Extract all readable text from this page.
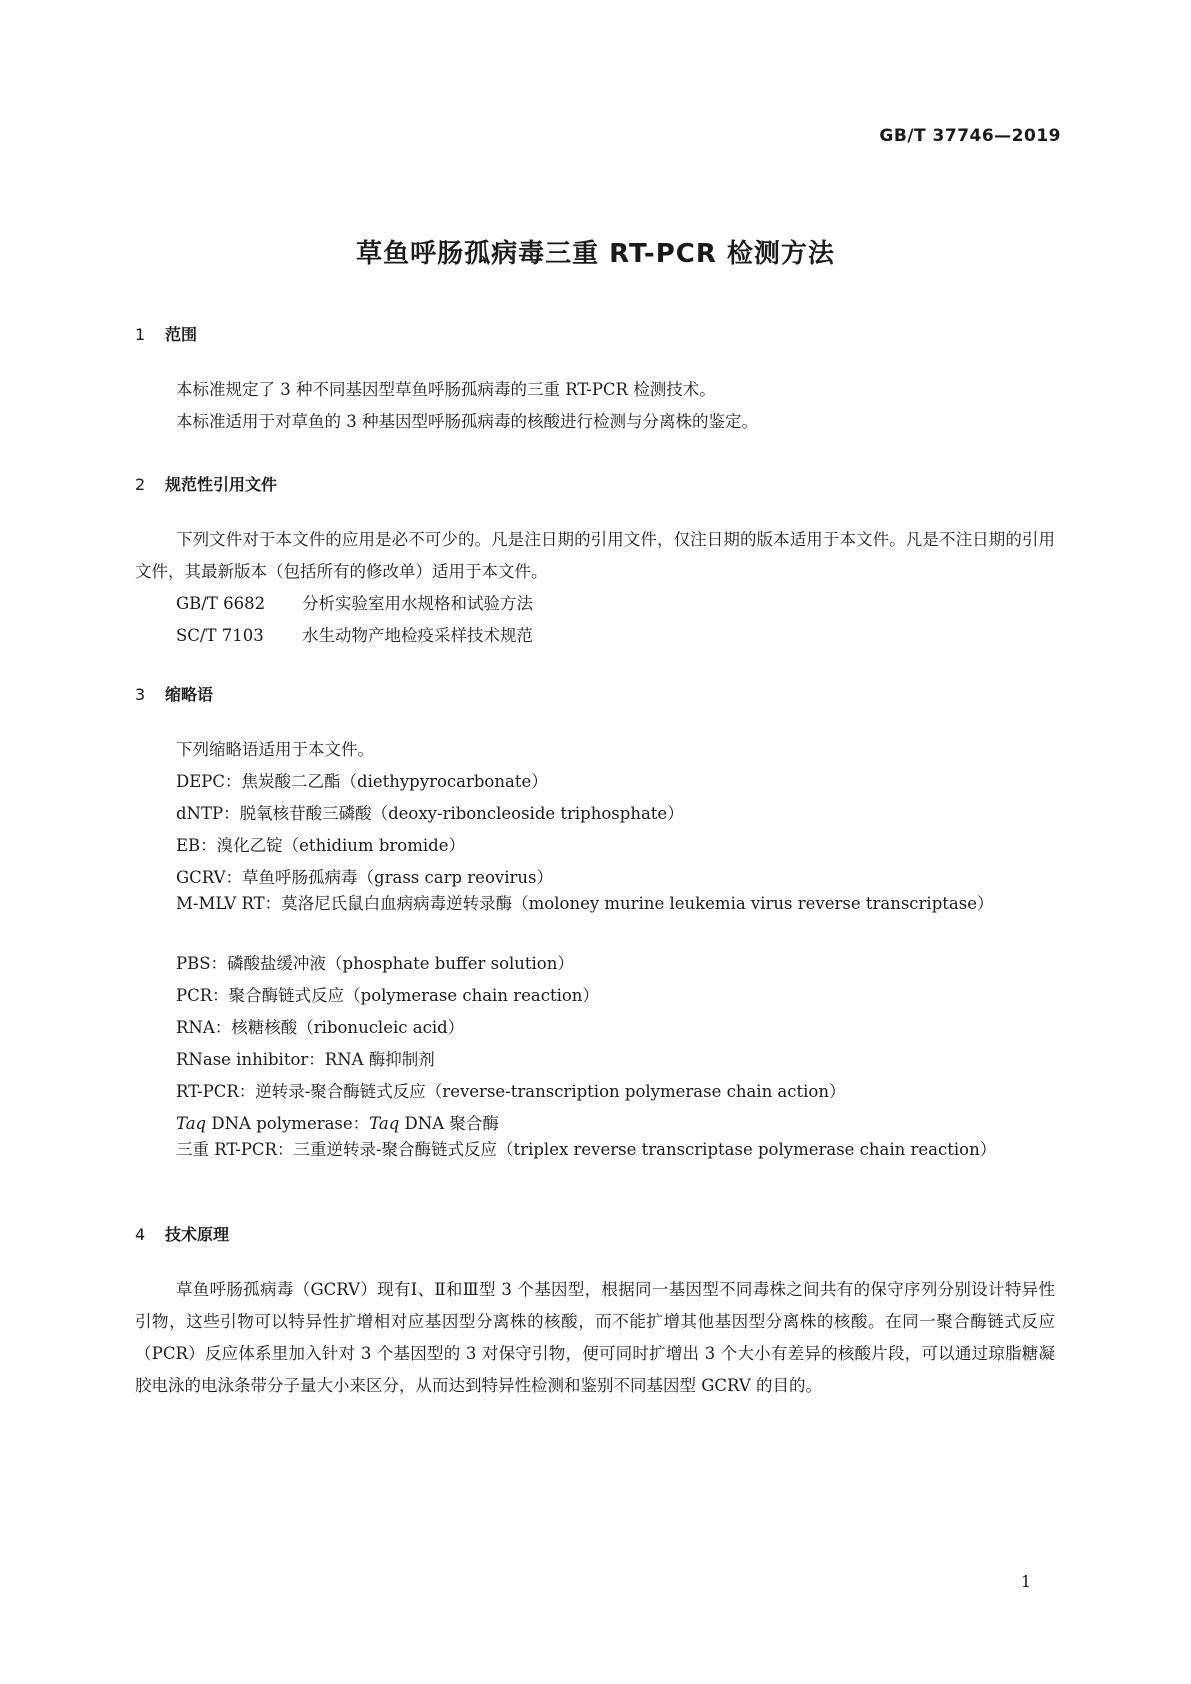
GB/T 37746—2019
草鱼呼肠孤病毒三重 RT-PCR 检测方法
1 范围

本标准规定了 3 种不同基因型草鱼呼肠孤病毒的三重 RT-PCR 检测技术。

本标准适用于对草鱼的 3 种基因型呼肠孤病毒的核酸进行检测与分离株的鉴定。

2 规范性引用文件

下列文件对于本文件的应用是必不可少的。凡是注日期的引用文件，仅注日期的版本适用于本文件。凡是不注日期的引用文件，其最新版本（包括所有的修改单）适用于本文件。

GB/T 6682 分析实验室用水规格和试验方法

SC/T 7103 水生动物产地检疫采样技术规范

3 缩略语

下列缩略语适用于本文件。

DEPC：焦炭酸二乙酯（diethypyrocarbonate）

dNTP：脱氧核苷酸三磷酸（deoxy-riboncleoside triphosphate）

EB：溴化乙锭（ethidium bromide）

GCRV：草鱼呼肠孤病毒（grass carp reovirus）

M-MLV RT：莫洛尼氏鼠白血病病毒逆转录酶（moloney murine leukemia virus reverse transcriptase）

PBS：磷酸盐缓冲液（phosphate buffer solution）

PCR：聚合酶链式反应（polymerase chain reaction）

RNA：核糖核酸（ribonucleic acid）

RNase inhibitor：RNA 酶抑制剂

RT-PCR：逆转录-聚合酶链式反应（reverse-transcription polymerase chain action）

Taq DNA polymerase：Taq DNA 聚合酶

三重 RT-PCR：三重逆转录-聚合酶链式反应（triplex reverse transcriptase polymerase chain reaction）

4 技术原理

草鱼呼肠孤病毒（GCRV）现有Ⅰ、Ⅱ和Ⅲ型 3 个基因型，根据同一基因型不同毒株之间共有的保守序列分别设计特异性引物，这些引物可以特异性扩增相对应基因型分离株的核酸，而不能扩增其他基因型分离株的核酸。在同一聚合酶链式反应（PCR）反应体系里加入针对 3 个基因型的 3 对保守引物，便可同时扩增出 3 个大小有差异的核酸片段，可以通过琼脂糖凝胶电泳的电泳条带分子量大小来区分，从而达到特异性检测和鉴别不同基因型 GCRV 的目的。

1
